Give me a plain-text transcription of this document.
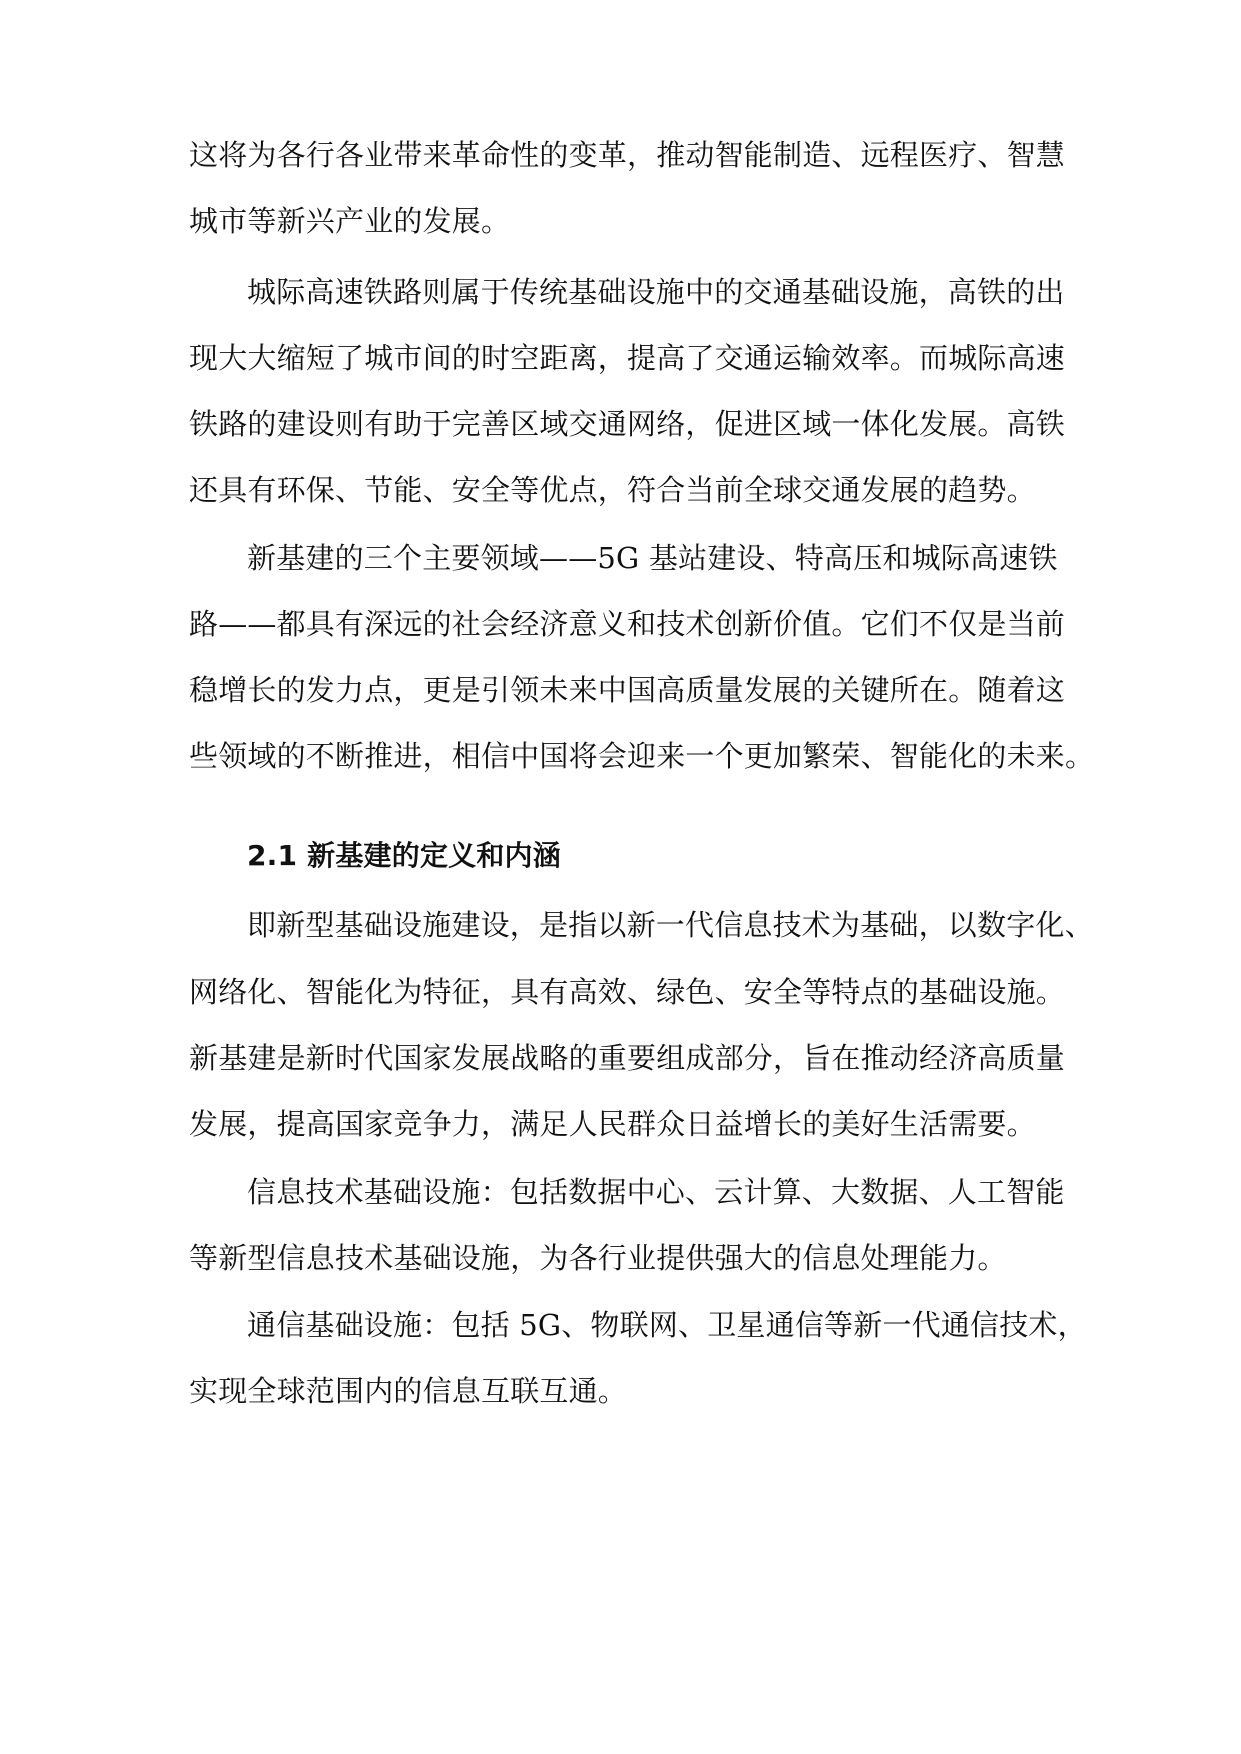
这将为各行各业带来革命性的变革，推动智能制造、远程医疗、智慧
城市等新兴产业的发展。
城际高速铁路则属于传统基础设施中的交通基础设施，高铁的出
现大大缩短了城市间的时空距离，提高了交通运输效率。而城际高速
铁路的建设则有助于完善区域交通网络，促进区域一体化发展。高铁
还具有环保、节能、安全等优点，符合当前全球交通发展的趋势。
新基建的三个主要领域——5G 基站建设、特高压和城际高速铁
路——都具有深远的社会经济意义和技术创新价值。它们不仅是当前
稳增长的发力点，更是引领未来中国高质量发展的关键所在。随着这
些领域的不断推进，相信中国将会迎来一个更加繁荣、智能化的未来。
2.1 新基建的定义和内涵
即新型基础设施建设，是指以新一代信息技术为基础，以数字化、
网络化、智能化为特征，具有高效、绿色、安全等特点的基础设施。
新基建是新时代国家发展战略的重要组成部分，旨在推动经济高质量
发展，提高国家竞争力，满足人民群众日益增长的美好生活需要。
信息技术基础设施：包括数据中心、云计算、大数据、人工智能
等新型信息技术基础设施，为各行业提供强大的信息处理能力。
通信基础设施：包括 5G、物联网、卫星通信等新一代通信技术，
实现全球范围内的信息互联互通。
